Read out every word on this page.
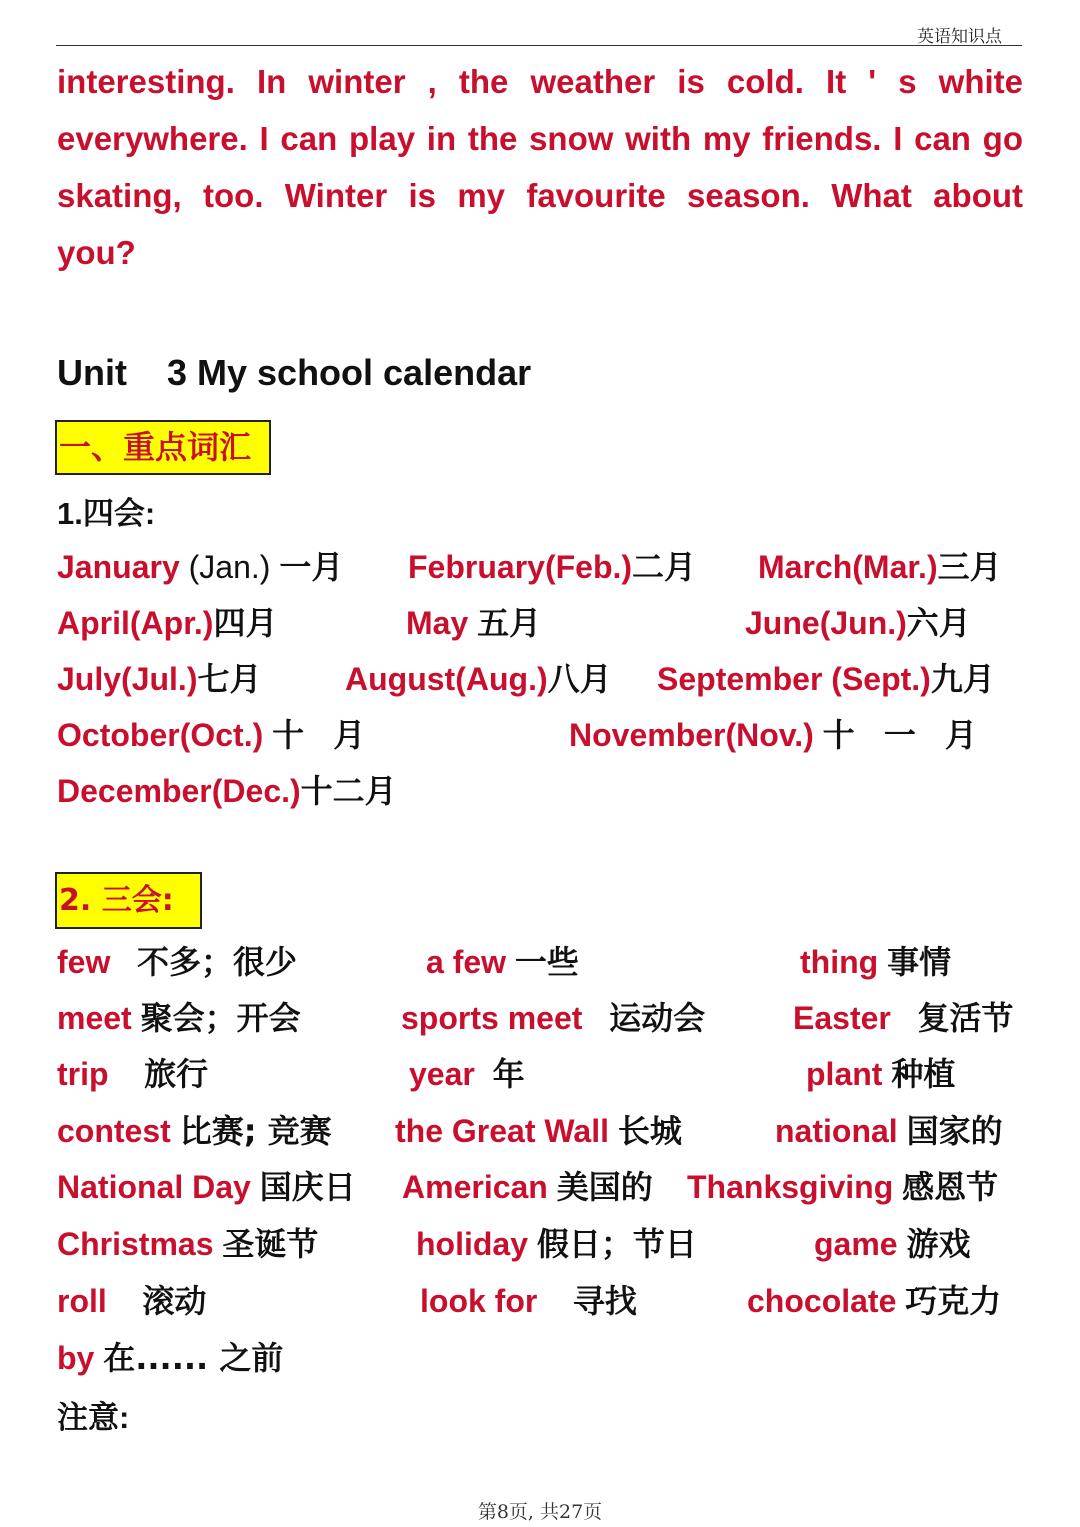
英语知识点
interesting. In winter , the weather is cold. It ' s white
everywhere. I can play in the snow with my friends. I can go
skating, too. Winter is my favourite season. What about
you?
Unit    3 My school calendar
一、重点词汇
1.四会:
January (Jan.) 一月 February(Feb.)二月 March(Mar.)三月
April(Apr.)四月	May 五月	June(Jun.)六月
July(Jul.)七月	August(Aug.)八月 September (Sept.)九月
October(Oct.) 十 月	November(Nov.) 十 一 月
December(Dec.)十二月
2. 三会:
few 不多；很少	a few 一些	thing 事情
meet 聚会；开会	sports meet 运动会	Easter 复活节
trip 旅行	year 年	plant 种植
contest 比赛; 竞赛 the Great Wall 长城	national 国家的
National Day 国庆日 American 美国的 Thanksgiving 感恩节
Christmas 圣诞节	holiday 假日；节日	game 游戏
roll 滚动	look for 寻找	chocolate 巧克力
by 在...... 之前
注意:
第8页, 共27页
